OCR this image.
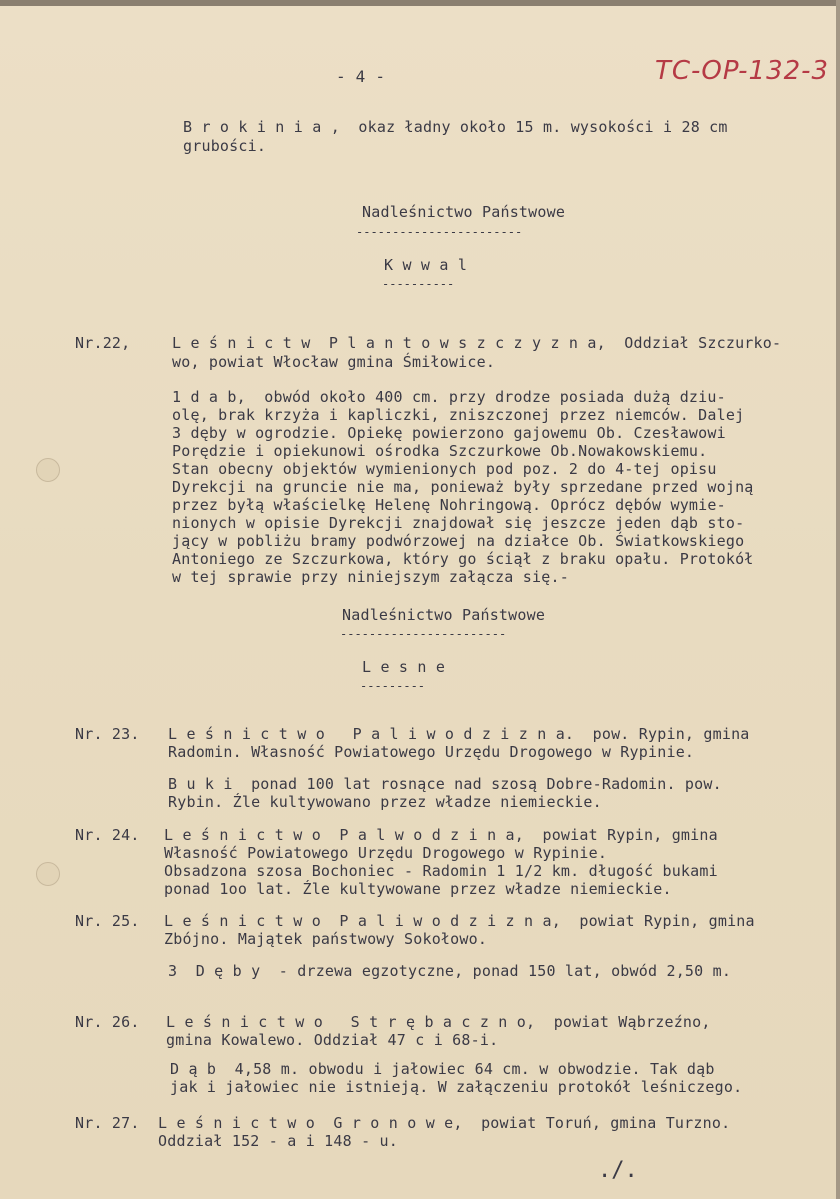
- 4 -	TC-OP-132-3
B r o k i n i a ,  okaz ładny około 15 m. wysokości i 28 cm
grubości.
Nadleśnictwo Państwowe
-----------------------
K w w a l
----------
Nr.22,	L e ś n i c t w  P l a n t o w s z c z y z n a,  Oddział Szczurko-
wo, powiat Włocław gmina Śmiłowice.
1 d a b,  obwód około 400 cm. przy drodze posiada dużą dziu-
olę, brak krzyża i kapliczki, zniszczonej przez niemców. Dalej
3 dęby w ogrodzie. Opiekę powierzono gajowemu Ob. Czesławowi
Porędzie i opiekunowi ośrodka Szczurkowe Ob.Nowakowskiemu.
Stan obecny objektów wymienionych pod poz. 2 do 4-tej opisu
Dyrekcji na gruncie nie ma, ponieważ były sprzedane przed wojną
przez byłą właścielkę Helenę Nohringową. Oprócz dębów wymie-
nionych w opisie Dyrekcji znajdował się jeszcze jeden dąb sto-
jący w pobliżu bramy podwórzowej na działce Ob. Światkowskiego
Antoniego ze Szczurkowa, który go ściął z braku opału. Protokół
w tej sprawie przy niniejszym załącza się.-
Nadleśnictwo Państwowe
-----------------------
L e s n e
---------
Nr. 23. L e ś n i c t w o   P a l i w o d z i z n a.  pow. Rypin, gmina
Radomin. Własność Powiatowego Urzędu Drogowego w Rypinie.
B u k i  ponad 100 lat rosnące nad szosą Dobre-Radomin. pow.
Rybin. Źle kultywowano przez władze niemieckie.
Nr. 24. L e ś n i c t w o  P a l w o d z i n a,  powiat Rypin, gmina
Własność Powiatowego Urzędu Drogowego w Rypinie.
Obsadzona szosa Bochoniec - Radomin 1 1/2 km. długość bukami
ponad 1oo lat. Źle kultywowane przez władze niemieckie.
Nr. 25. L e ś n i c t w o  P a l i w o d z i z n a,  powiat Rypin, gmina
Zbójno. Majątek państwowy Sokołowo.
3  D ę b y  - drzewa egzotyczne, ponad 150 lat, obwód 2,50 m.
Nr. 26. L e ś n i c t w o   S t r ę b a c z n o,  powiat Wąbrzeźno,
gmina Kowalewo. Oddział 47 c i 68-i.
D ą b  4,58 m. obwodu i jałowiec 64 cm. w obwodzie. Tak dąb
jak i jałowiec nie istnieją. W załączeniu protokół leśniczego.
Nr. 27. L e ś n i c t w o  G r o n o w e,  powiat Toruń, gmina Turzno.
Oddział 152 - a i 148 - u.
./.
